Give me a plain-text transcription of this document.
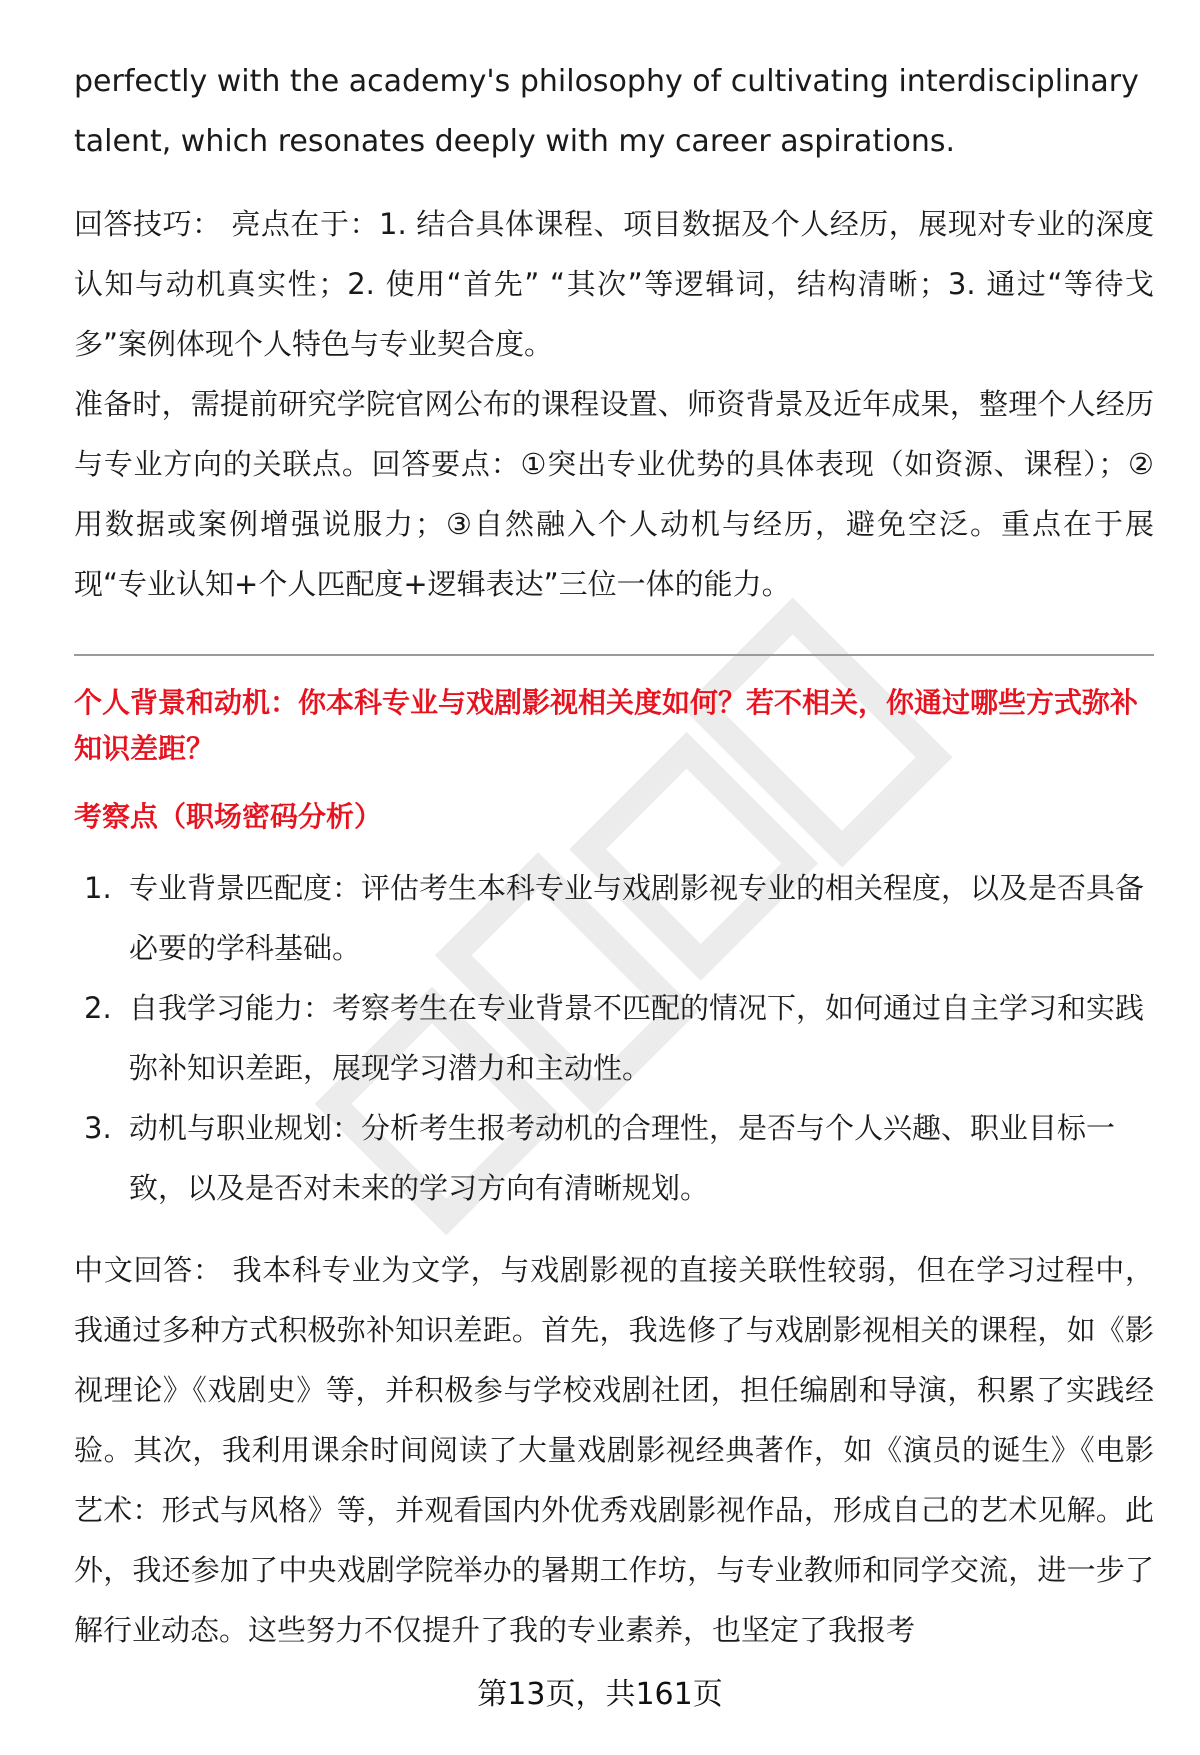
perfectly with the academy's philosophy of cultivating interdisciplinary

talent, which resonates deeply with my career aspirations.

回答技巧： 亮点在于：1. 结合具体课程、项目数据及个人经历，展现对专业的深度认知与动机真实性；2. 使用“首先” “其次”等逻辑词，结构清晰；3. 通过“等待戈多”案例体现个人特色与专业契合度。

准备时，需提前研究学院官网公布的课程设置、师资背景及近年成果，整理个人经历与专业方向的关联点。回答要点：①突出专业优势的具体表现（如资源、课程）；②用数据或案例增强说服力；③自然融入个人动机与经历，避免空泛。重点在于展现“专业认知+个人匹配度+逻辑表达”三位一体的能力。

个人背景和动机：你本科专业与戏剧影视相关度如何？若不相关，你通过哪些方式弥补知识差距？

考察点（职场密码分析）

1. 专业背景匹配度：评估考生本科专业与戏剧影视专业的相关程度，以及是否具备必要的学科基础。
2. 自我学习能力：考察考生在专业背景不匹配的情况下，如何通过自主学习和实践弥补知识差距，展现学习潜力和主动性。
3. 动机与职业规划：分析考生报考动机的合理性，是否与个人兴趣、职业目标一致，以及是否对未来的学习方向有清晰规划。

中文回答： 我本科专业为文学，与戏剧影视的直接关联性较弱，但在学习过程中，我通过多种方式积极弥补知识差距。首先，我选修了与戏剧影视相关的课程，如《影视理论》《戏剧史》等，并积极参与学校戏剧社团，担任编剧和导演，积累了实践经验。其次，我利用课余时间阅读了大量戏剧影视经典著作，如《演员的诞生》《电影艺术：形式与风格》等，并观看国内外优秀戏剧影视作品，形成自己的艺术见解。此外，我还参加了中央戏剧学院举办的暑期工作坊，与专业教师和同学交流，进一步了解行业动态。这些努力不仅提升了我的专业素养，也坚定了我报考

第13页，共161页
